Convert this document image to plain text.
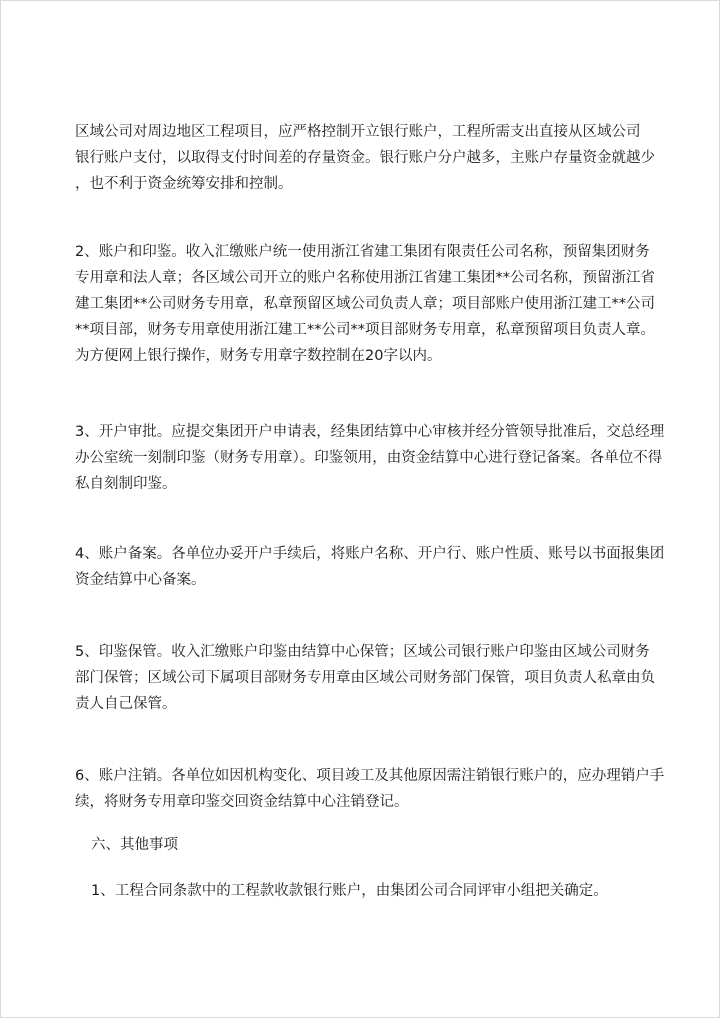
区域公司对周边地区工程项目，应严格控制开立银行账户，工程所需支出直接从区域公司
银行账户支付，以取得支付时间差的存量资金。银行账户分户越多，主账户存量资金就越少
，也不利于资金统筹安排和控制。
2、账户和印鉴。收入汇缴账户统一使用浙江省建工集团有限责任公司名称，预留集团财务
专用章和法人章；各区域公司开立的账户名称使用浙江省建工集团**公司名称，预留浙江省
建工集团**公司财务专用章，私章预留区域公司负责人章；项目部账户使用浙江建工**公司
**项目部，财务专用章使用浙江建工**公司**项目部财务专用章，私章预留项目负责人章。
为方便网上银行操作，财务专用章字数控制在20字以内。
3、开户审批。应提交集团开户申请表，经集团结算中心审核并经分管领导批准后，交总经理
办公室统一刻制印鉴（财务专用章）。印鉴领用，由资金结算中心进行登记备案。各单位不得
私自刻制印鉴。
4、账户备案。各单位办妥开户手续后，将账户名称、开户行、账户性质、账号以书面报集团
资金结算中心备案。
5、印鉴保管。收入汇缴账户印鉴由结算中心保管；区域公司银行账户印鉴由区域公司财务
部门保管；区域公司下属项目部财务专用章由区域公司财务部门保管，项目负责人私章由负
责人自己保管。
6、账户注销。各单位如因机构变化、项目竣工及其他原因需注销银行账户的，应办理销户手
续，将财务专用章印鉴交回资金结算中心注销登记。
六、其他事项
1、工程合同条款中的工程款收款银行账户，由集团公司合同评审小组把关确定。
